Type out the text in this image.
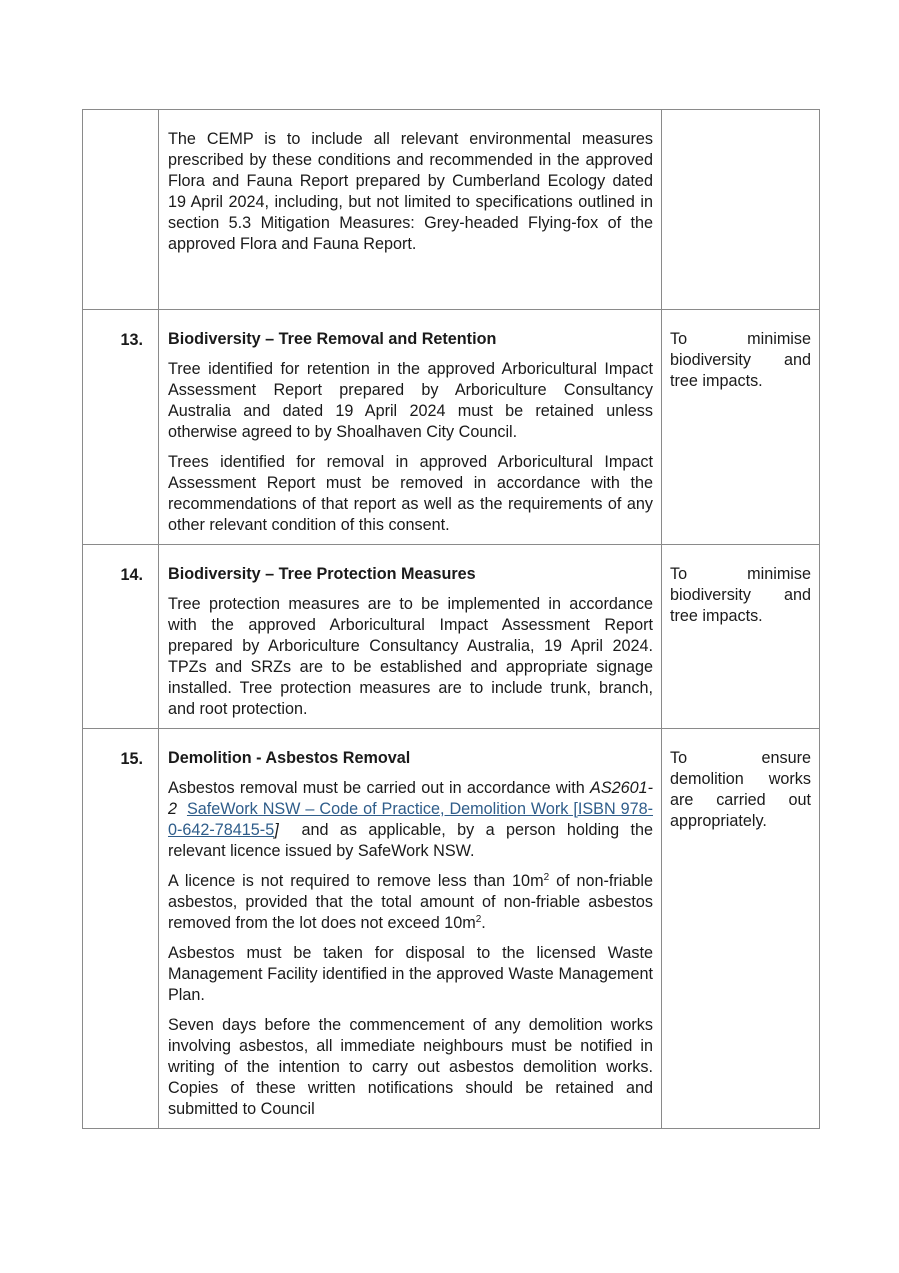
	The CEMP is to include all relevant environmental measures prescribed by these conditions and recommended in the approved Flora and Fauna Report prepared by Cumberland Ecology dated 19 April 2024, including, but not limited to specifications outlined in section 5.3 Mitigation Measures: Grey-headed Flying-fox of the approved Flora and Fauna Report.	

13.	Biodiversity – Tree Removal and Retention

Tree identified for retention in the approved Arboricultural Impact Assessment Report prepared by Arboriculture Consultancy Australia and dated 19 April 2024 must be retained unless otherwise agreed to by Shoalhaven City Council.

Trees identified for removal in approved Arboricultural Impact Assessment Report must be removed in accordance with the recommendations of that report as well as the requirements of any other relevant condition of this consent.	To minimise biodiversity and tree impacts.

14.	Biodiversity – Tree Protection Measures

Tree protection measures are to be implemented in accordance with the approved Arboricultural Impact Assessment Report prepared by Arboriculture Consultancy Australia, 19 April 2024. TPZs and SRZs are to be established and appropriate signage installed. Tree protection measures are to include trunk, branch, and root protection.	To minimise biodiversity and tree impacts.

15.	Demolition - Asbestos Removal

Asbestos removal must be carried out in accordance with AS2601-2 SafeWork NSW – Code of Practice, Demolition Work [ISBN 978-0-642-78415-5] and as applicable, by a person holding the relevant licence issued by SafeWork NSW.

A licence is not required to remove less than $10m^2$ of non-friable asbestos, provided that the total amount of non-friable asbestos removed from the lot does not exceed $10m^2$.

Asbestos must be taken for disposal to the licensed Waste Management Facility identified in the approved Waste Management Plan.

Seven days before the commencement of any demolition works involving asbestos, all immediate neighbours must be notified in writing of the intention to carry out asbestos demolition works. Copies of these written notifications should be retained and submitted to Council	To ensure demolition works are carried out appropriately.
